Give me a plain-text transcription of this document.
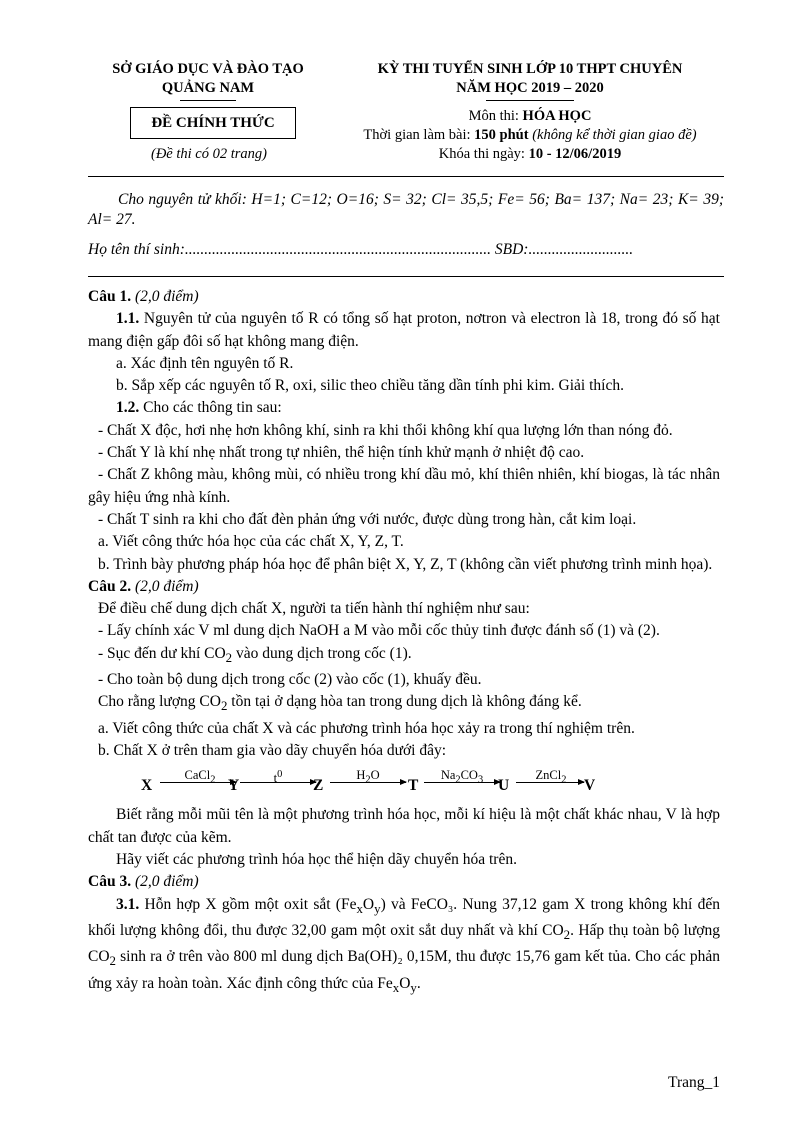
SỞ GIÁO DỤC VÀ ĐÀO TẠO
QUẢNG NAM
KỲ THI TUYỂN SINH LỚP 10 THPT CHUYÊN
NĂM HỌC 2019 – 2020
ĐỀ CHÍNH THỨC
(Đề thi có 02 trang)
Môn thi: HÓA HỌC
Thời gian làm bài: 150 phút (không kể thời gian giao đề)
Khóa thi ngày: 10 - 12/06/2019
Cho nguyên tử khối: H=1; C=12; O=16; S= 32; Cl= 35,5; Fe= 56; Ba= 137; Na= 23; K= 39; Al= 27.
Họ tên thí sinh:............................................................................... SBD:...........................

Câu 1. (2,0 điểm)

1.1. Nguyên tử của nguyên tố R có tổng số hạt proton, nơtron và electron là 18, trong đó số hạt mang điện gấp đôi số hạt không mang điện.

a. Xác định tên nguyên tố R.

b. Sắp xếp các nguyên tố R, oxi, silic theo chiều tăng dần tính phi kim. Giải thích.

1.2. Cho các thông tin sau:

- Chất X độc, hơi nhẹ hơn không khí, sinh ra khi thổi không khí qua lượng lớn than nóng đỏ.

- Chất Y là khí nhẹ nhất trong tự nhiên, thể hiện tính khử mạnh ở nhiệt độ cao.

- Chất Z không màu, không mùi, có nhiều trong khí dầu mỏ, khí thiên nhiên, khí biogas, là tác nhân gây hiệu ứng nhà kính.

- Chất T sinh ra khi cho đất đèn phản ứng với nước, được dùng trong hàn, cắt kim loại.

a. Viết công thức hóa học của các chất X, Y, Z, T.

b. Trình bày phương pháp hóa học để phân biệt X, Y, Z, T (không cần viết phương trình minh họa).

Câu 2. (2,0 điểm)

Để điều chế dung dịch chất X, người ta tiến hành thí nghiệm như sau:

- Lấy chính xác V ml dung dịch NaOH a M vào mỗi cốc thủy tinh được đánh số (1) và (2).

- Sục đến dư khí $CO_2$ vào dung dịch trong cốc (1).

- Cho toàn bộ dung dịch trong cốc (2) vào cốc (1), khuấy đều.

Cho rằng lượng $CO_2$ tồn tại ở dạng hòa tan trong dung dịch là không đáng kể.

a. Viết công thức của chất X và các phương trình hóa học xảy ra trong thí nghiệm trên.

b. Chất X ở trên tham gia vào dãy chuyển hóa dưới đây:

X
CaCl$_2$ Y	$t^0$
Z
$H_2O$
T
$Na_2CO_3$ U
ZnCl$_2$	V

Biết rằng mỗi mũi tên là một phương trình hóa học, mỗi kí hiệu là một chất khác nhau, V là hợp chất tan được của kẽm.

Hãy viết các phương trình hóa học thể hiện dãy chuyển hóa trên.

Câu 3. (2,0 điểm)

3.1. Hỗn hợp X gồm một oxit sắt $(Fe_xO_y)$ và FeCO₃. Nung 37,12 gam X trong không khí đến khối lượng không đổi, thu được 32,00 gam một oxit sắt duy nhất và khí $CO_2$. Hấp thụ toàn bộ lượng $CO_2$ sinh ra ở trên vào 800 ml dung dịch Ba(OH)₂ 0,15M, thu được 15,76 gam kết tủa. Cho các phản ứng xảy ra hoàn toàn. Xác định công thức của $Fe_xO_y$.

Trang_1
